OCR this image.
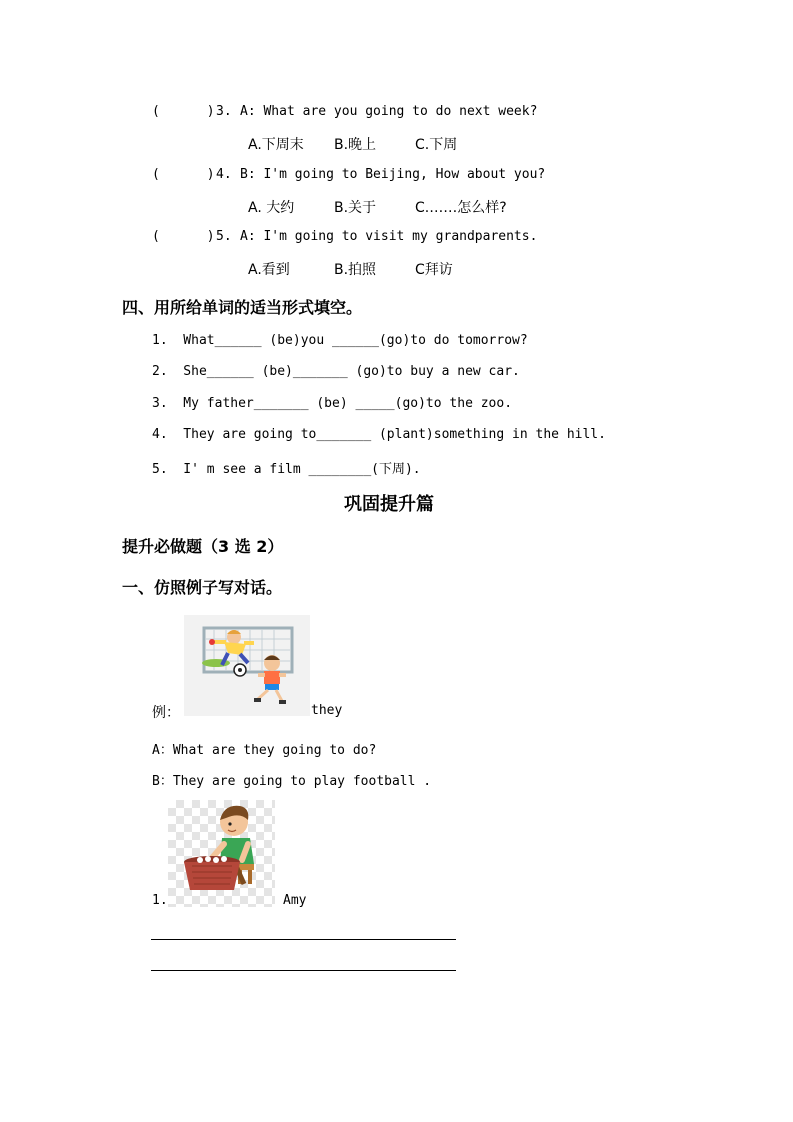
(      ) 3. A: What are you going to do next week?
A.下周末 B.晚上	C.下周
(      ) 4. B: I'm going to Beijing, How about you?
A. 大约	B.关于	C.……怎么样?
(      ) 5. A: I'm going to visit my grandparents.
A.看到	B.拍照	C拜访
四、用所给单词的适当形式填空。
1.  What______ (be)you ______(go)to do tomorrow?
2.  She______ (be)_______ (go)to buy a new car.
3.  My father_______ (be) _____(go)to the zoo.
4.  They are going to_______ (plant)something in the hill.
5.  I' m see a film ________(下周).
巩固提升篇
提升必做题（3 选 2）
一、仿照例子写对话。
例：	they
A：What are they going to do?
B：They are going to play football .
1.	Amy
